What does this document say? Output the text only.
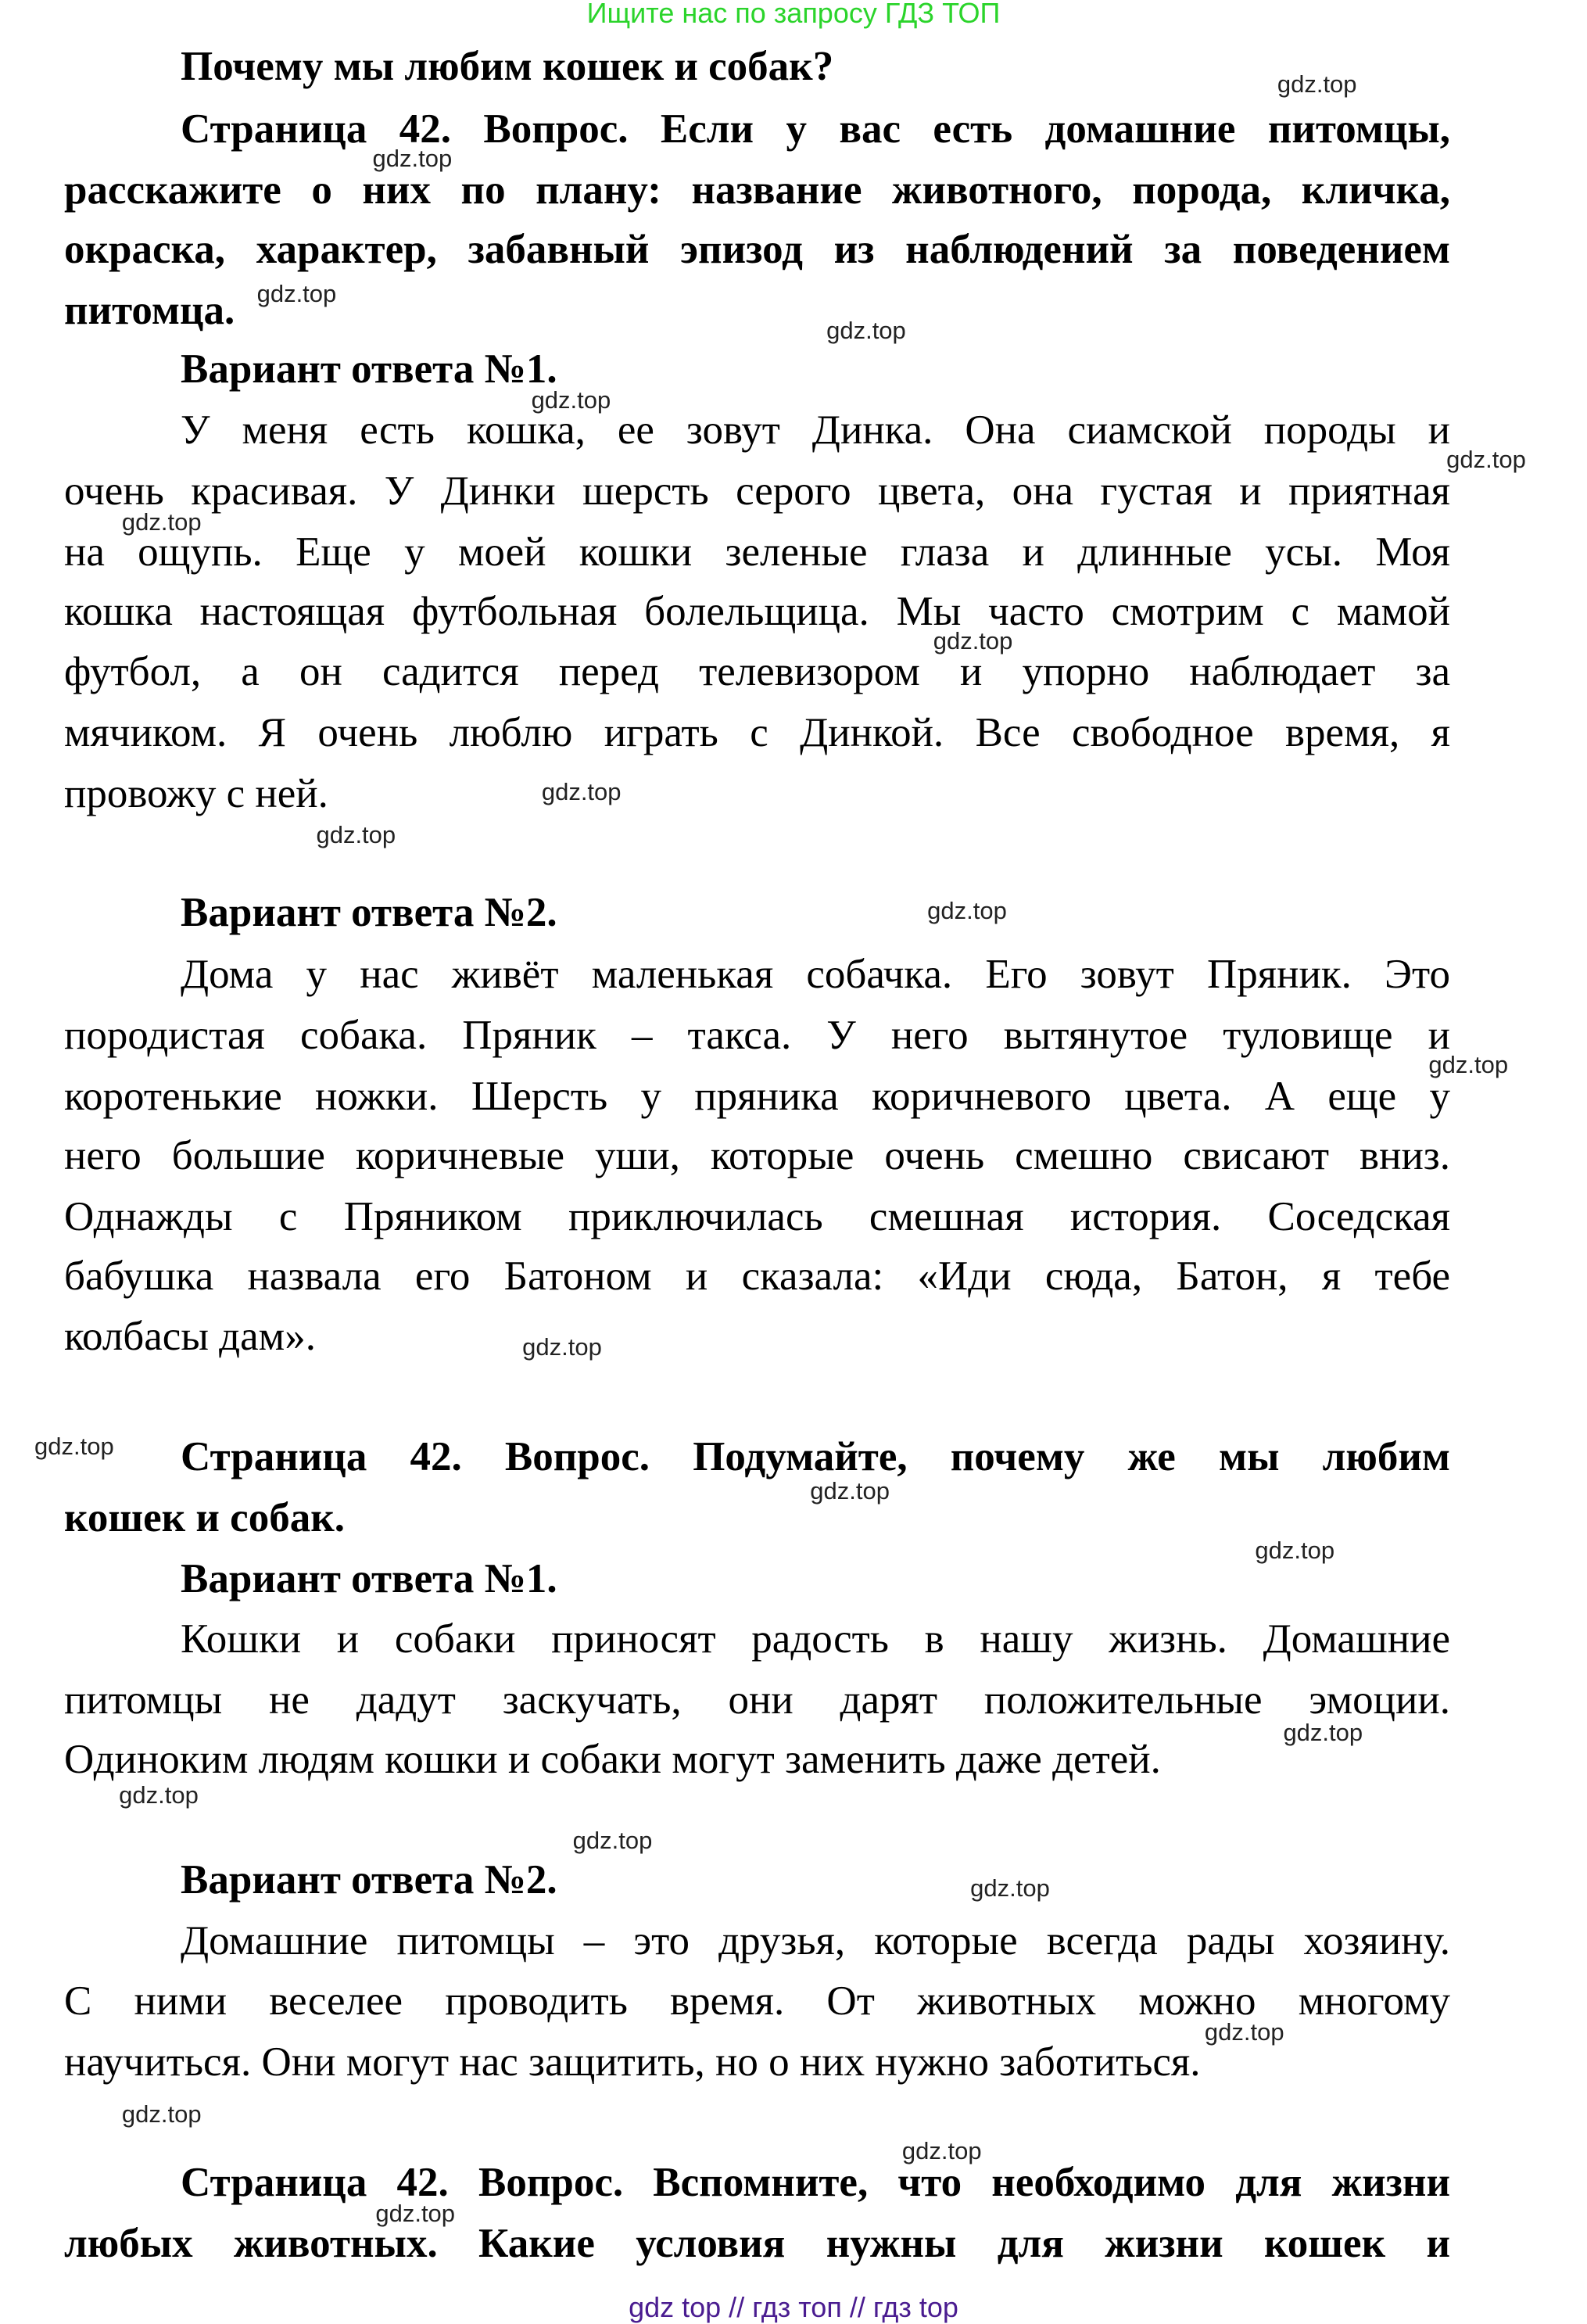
Ищите нас по запросу ГДЗ ТОП
Почему мы любим кошек и собак?
Страница 42. Вопрос. Если у вас есть домашние питомцы,
расскажите о них по плану: название животного, порода, кличка,
окраска, характер, забавный эпизод из наблюдений за поведением
питомца.
Вариант ответа №1.
У меня есть кошка, ее зовут Динка. Она сиамской породы и
очень красивая. У Динки шерсть серого цвета, она густая и приятная
на ощупь. Еще у моей кошки зеленые глаза и длинные усы. Моя
кошка настоящая футбольная болельщица. Мы часто смотрим с мамой
футбол, а он садится перед телевизором и упорно наблюдает за
мячиком. Я очень люблю играть с Динкой. Все свободное время, я
провожу с ней.
Вариант ответа №2.
Дома у нас живёт маленькая собачка. Его зовут Пряник. Это
породистая собака. Пряник – такса. У него вытянутое туловище и
коротенькие ножки. Шерсть у пряника коричневого цвета. А еще у
него большие коричневые уши, которые очень смешно свисают вниз.
Однажды с Пряником приключилась смешная история. Соседская
бабушка назвала его Батоном и сказала: «Иди сюда, Батон, я тебе
колбасы дам».
Страница 42. Вопрос. Подумайте, почему же мы любим
кошек и собак.
Вариант ответа №1.
Кошки и собаки приносят радость в нашу жизнь. Домашние
питомцы не дадут заскучать, они дарят положительные эмоции.
Одиноким людям кошки и собаки могут заменить даже детей.
Вариант ответа №2.
Домашние питомцы – это друзья, которые всегда рады хозяину.
С ними веселее проводить время. От животных можно многому
научиться. Они могут нас защитить, но о них нужно заботиться.
Страница 42. Вопрос. Вспомните, что необходимо для жизни
любых животных. Какие условия нужны для жизни кошек и
gdz.top
gdz.top
gdz.top
gdz.top
gdz.top
gdz.top
gdz.top
gdz.top
gdz.top
gdz.top
gdz.top
gdz.top
gdz.top
gdz.top
gdz.top
gdz.top
gdz.top
gdz.top
gdz.top
gdz.top
gdz.top
gdz.top
gdz.top
gdz.top
gdz top // гдз топ // гдз top
